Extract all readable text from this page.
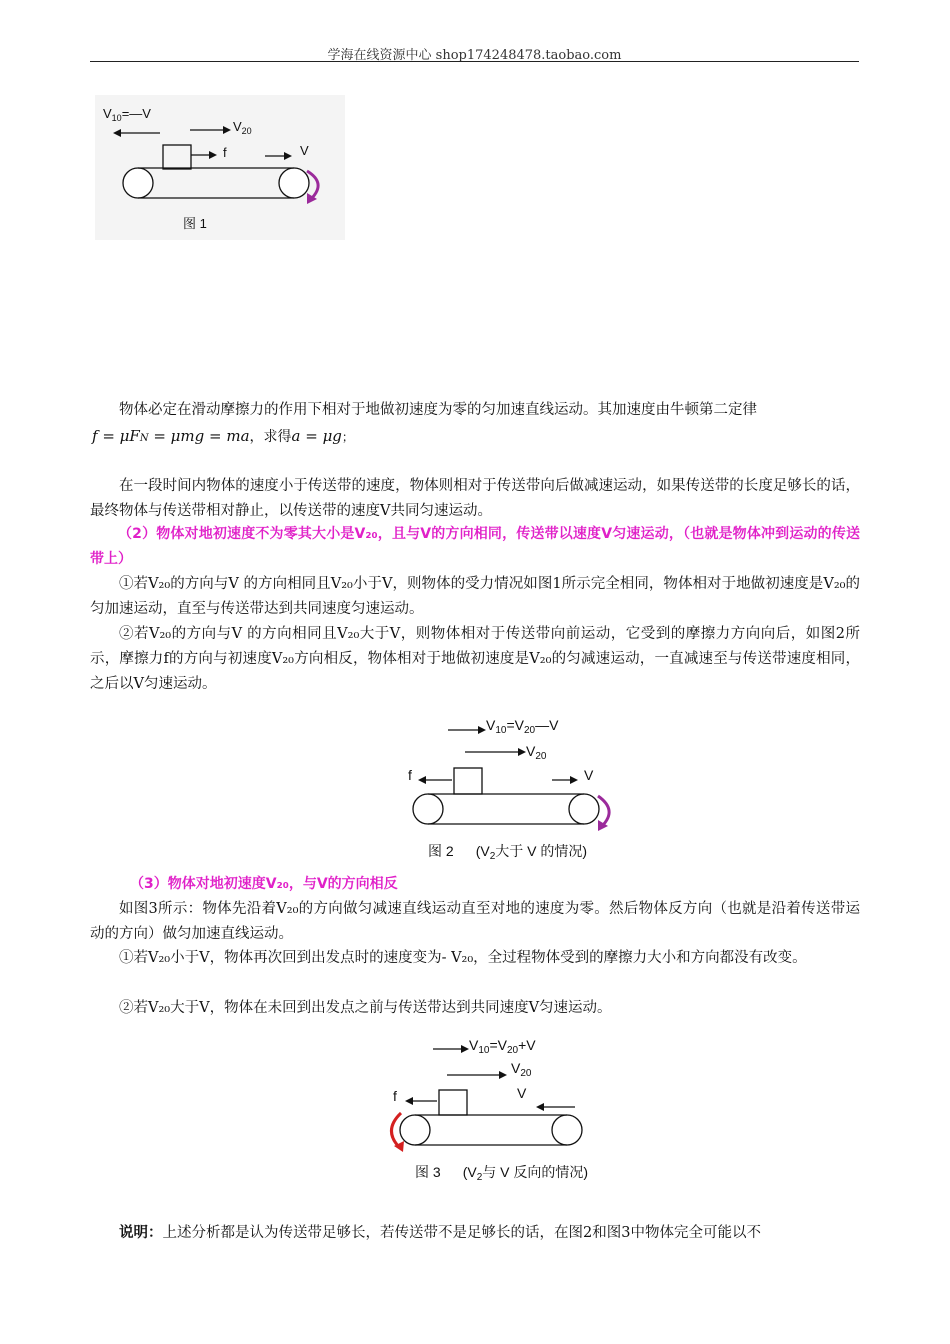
学海在线资源中心 shop174248478.taobao.com
$V_{10}=—V$
$V_{20}$
f	V
图 1
物体必定在滑动摩擦力的作用下相对于地做初速度为零的匀加速直线运动。其加速度由牛顿第二定律
f = μFN = μmg = ma，求得a = μg；
在一段时间内物体的速度小于传送带的速度，物体则相对于传送带向后做减速运动，如果传送带的长度足够长的话，最终物体与传送带相对静止，以传送带的速度V共同匀速运动。
（2）物体对地初速度不为零其大小是V₂₀，且与V的方向相同，传送带以速度V匀速运动，（也就是物体冲到运动的传送带上）
①若V₂₀的方向与V 的方向相同且V₂₀小于V，则物体的受力情况如图1所示完全相同，物体相对于地做初速度是V₂₀的匀加速运动，直至与传送带达到共同速度匀速运动。
②若V₂₀的方向与V 的方向相同且V₂₀大于V，则物体相对于传送带向前运动，它受到的摩擦力方向向后，如图2所示，摩擦力f的方向与初速度V₂₀方向相反，物体相对于地做初速度是V₂₀的匀减速运动，一直减速至与传送带速度相同，之后以V匀速运动。
$V_{10}=V_{20}—V$
$V_{20}$
f	V
图 2 ($V_2$大于 V 的情况)
（3）物体对地初速度V₂₀，与V的方向相反
如图3所示：物体先沿着V₂₀的方向做匀减速直线运动直至对地的速度为零。然后物体反方向（也就是沿着传送带运动的方向）做匀加速直线运动。
①若V₂₀小于V，物体再次回到出发点时的速度变为- V₂₀，全过程物体受到的摩擦力大小和方向都没有改变。
②若V₂₀大于V，物体在未回到出发点之前与传送带达到共同速度V匀速运动。
$V_{10}=V_{20}+V$
$V_{20}$
f	V
图 3 ($V_2$与 V 反向的情况)
说明：上述分析都是认为传送带足够长，若传送带不是足够长的话，在图2和图3中物体完全可能以不
